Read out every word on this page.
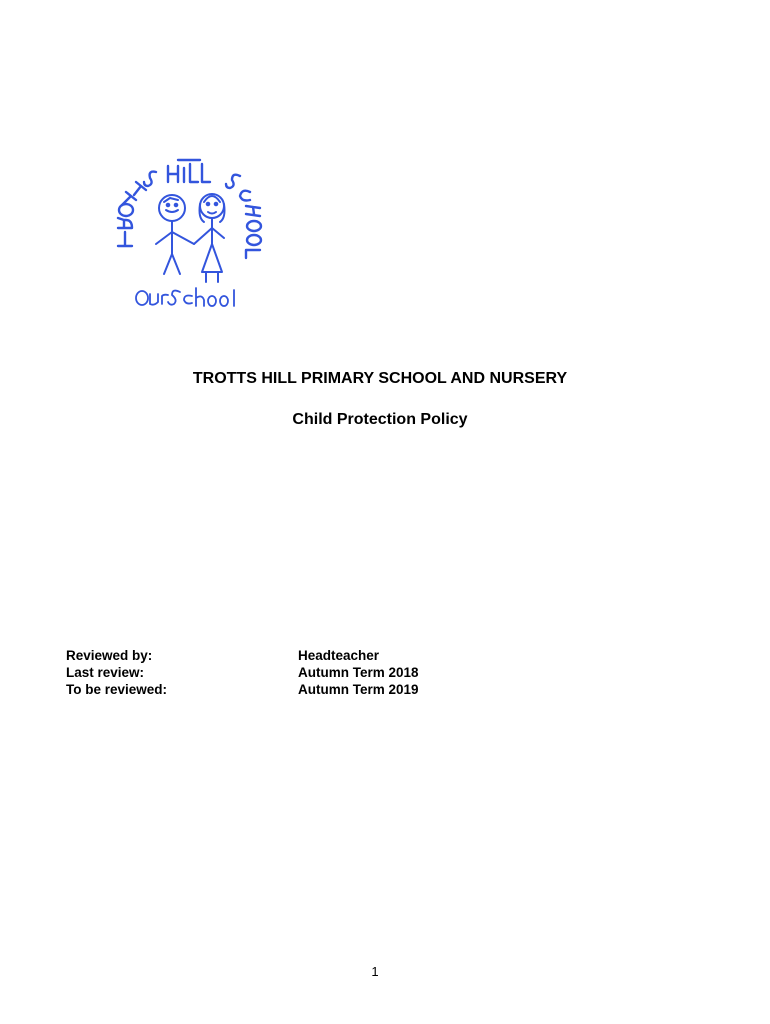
TROTTS HILL PRIMARY SCHOOL AND NURSERY
Child Protection Policy
Reviewed by:	Headteacher
Last review:	Autumn Term 2018
To be reviewed:	Autumn Term 2019
1
